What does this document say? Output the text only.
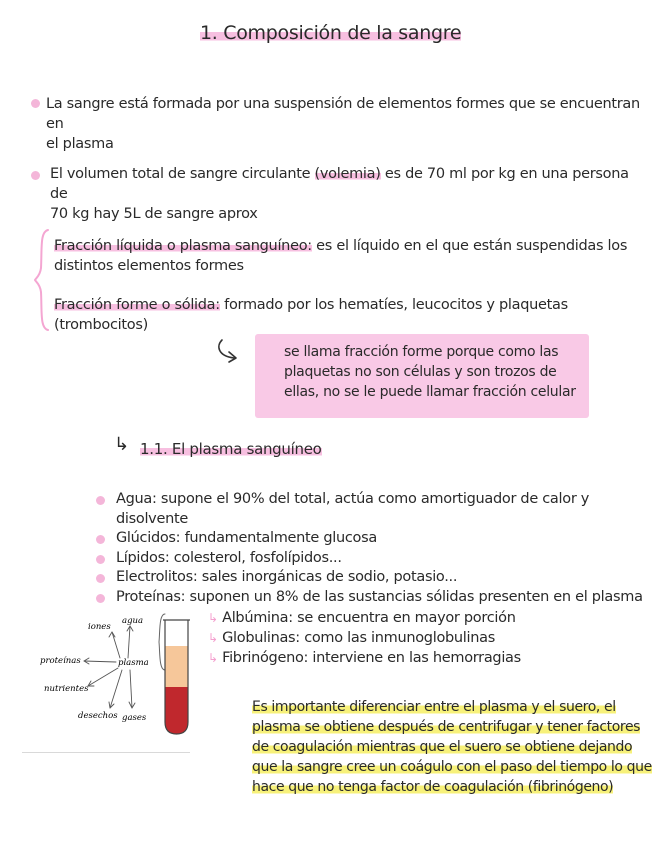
1. Composición de la sangre
La sangre está formada por una suspensión de elementos formes que se encuentran en
el plasma
El volumen total de sangre circulante (volemia) es de 70 ml por kg en una persona de
70 kg hay 5L de sangre aprox
Fracción líquida o plasma sanguíneo: es el líquido en el que están suspendidas los
distintos elementos formes
Fracción forme o sólida: formado por los hematíes, leucocitos y plaquetas (trombocitos)
se llama fracción forme porque como las
plaquetas no son células y son trozos de
ellas, no se le puede llamar fracción celular
↳ 1.1. El plasma sanguíneo
Agua: supone el 90% del total, actúa como amortiguador de calor y disolvente
Glúcidos: fundamentalmente glucosa
Lípidos: colesterol, fosfolípidos...
Electrolitos: sales inorgánicas de sodio, potasio...
Proteínas: suponen un 8% de las sustancias sólidas presenten en el plasma
↳ Albúmina: se encuentra en mayor porción
↳ Globulinas: como las inmunoglobulinas
↳ Fibrinógeno: interviene en las hemorragias
plasma
iones
agua
proteínas
nutrientes
desechos gases
Es importante diferenciar entre el plasma y el suero, el
plasma se obtiene después de centrifugar y tener factores
de coagulación mientras que el suero se obtiene dejando
que la sangre cree un coágulo con el paso del tiempo lo que
hace que no tenga factor de coagulación (fibrinógeno)
